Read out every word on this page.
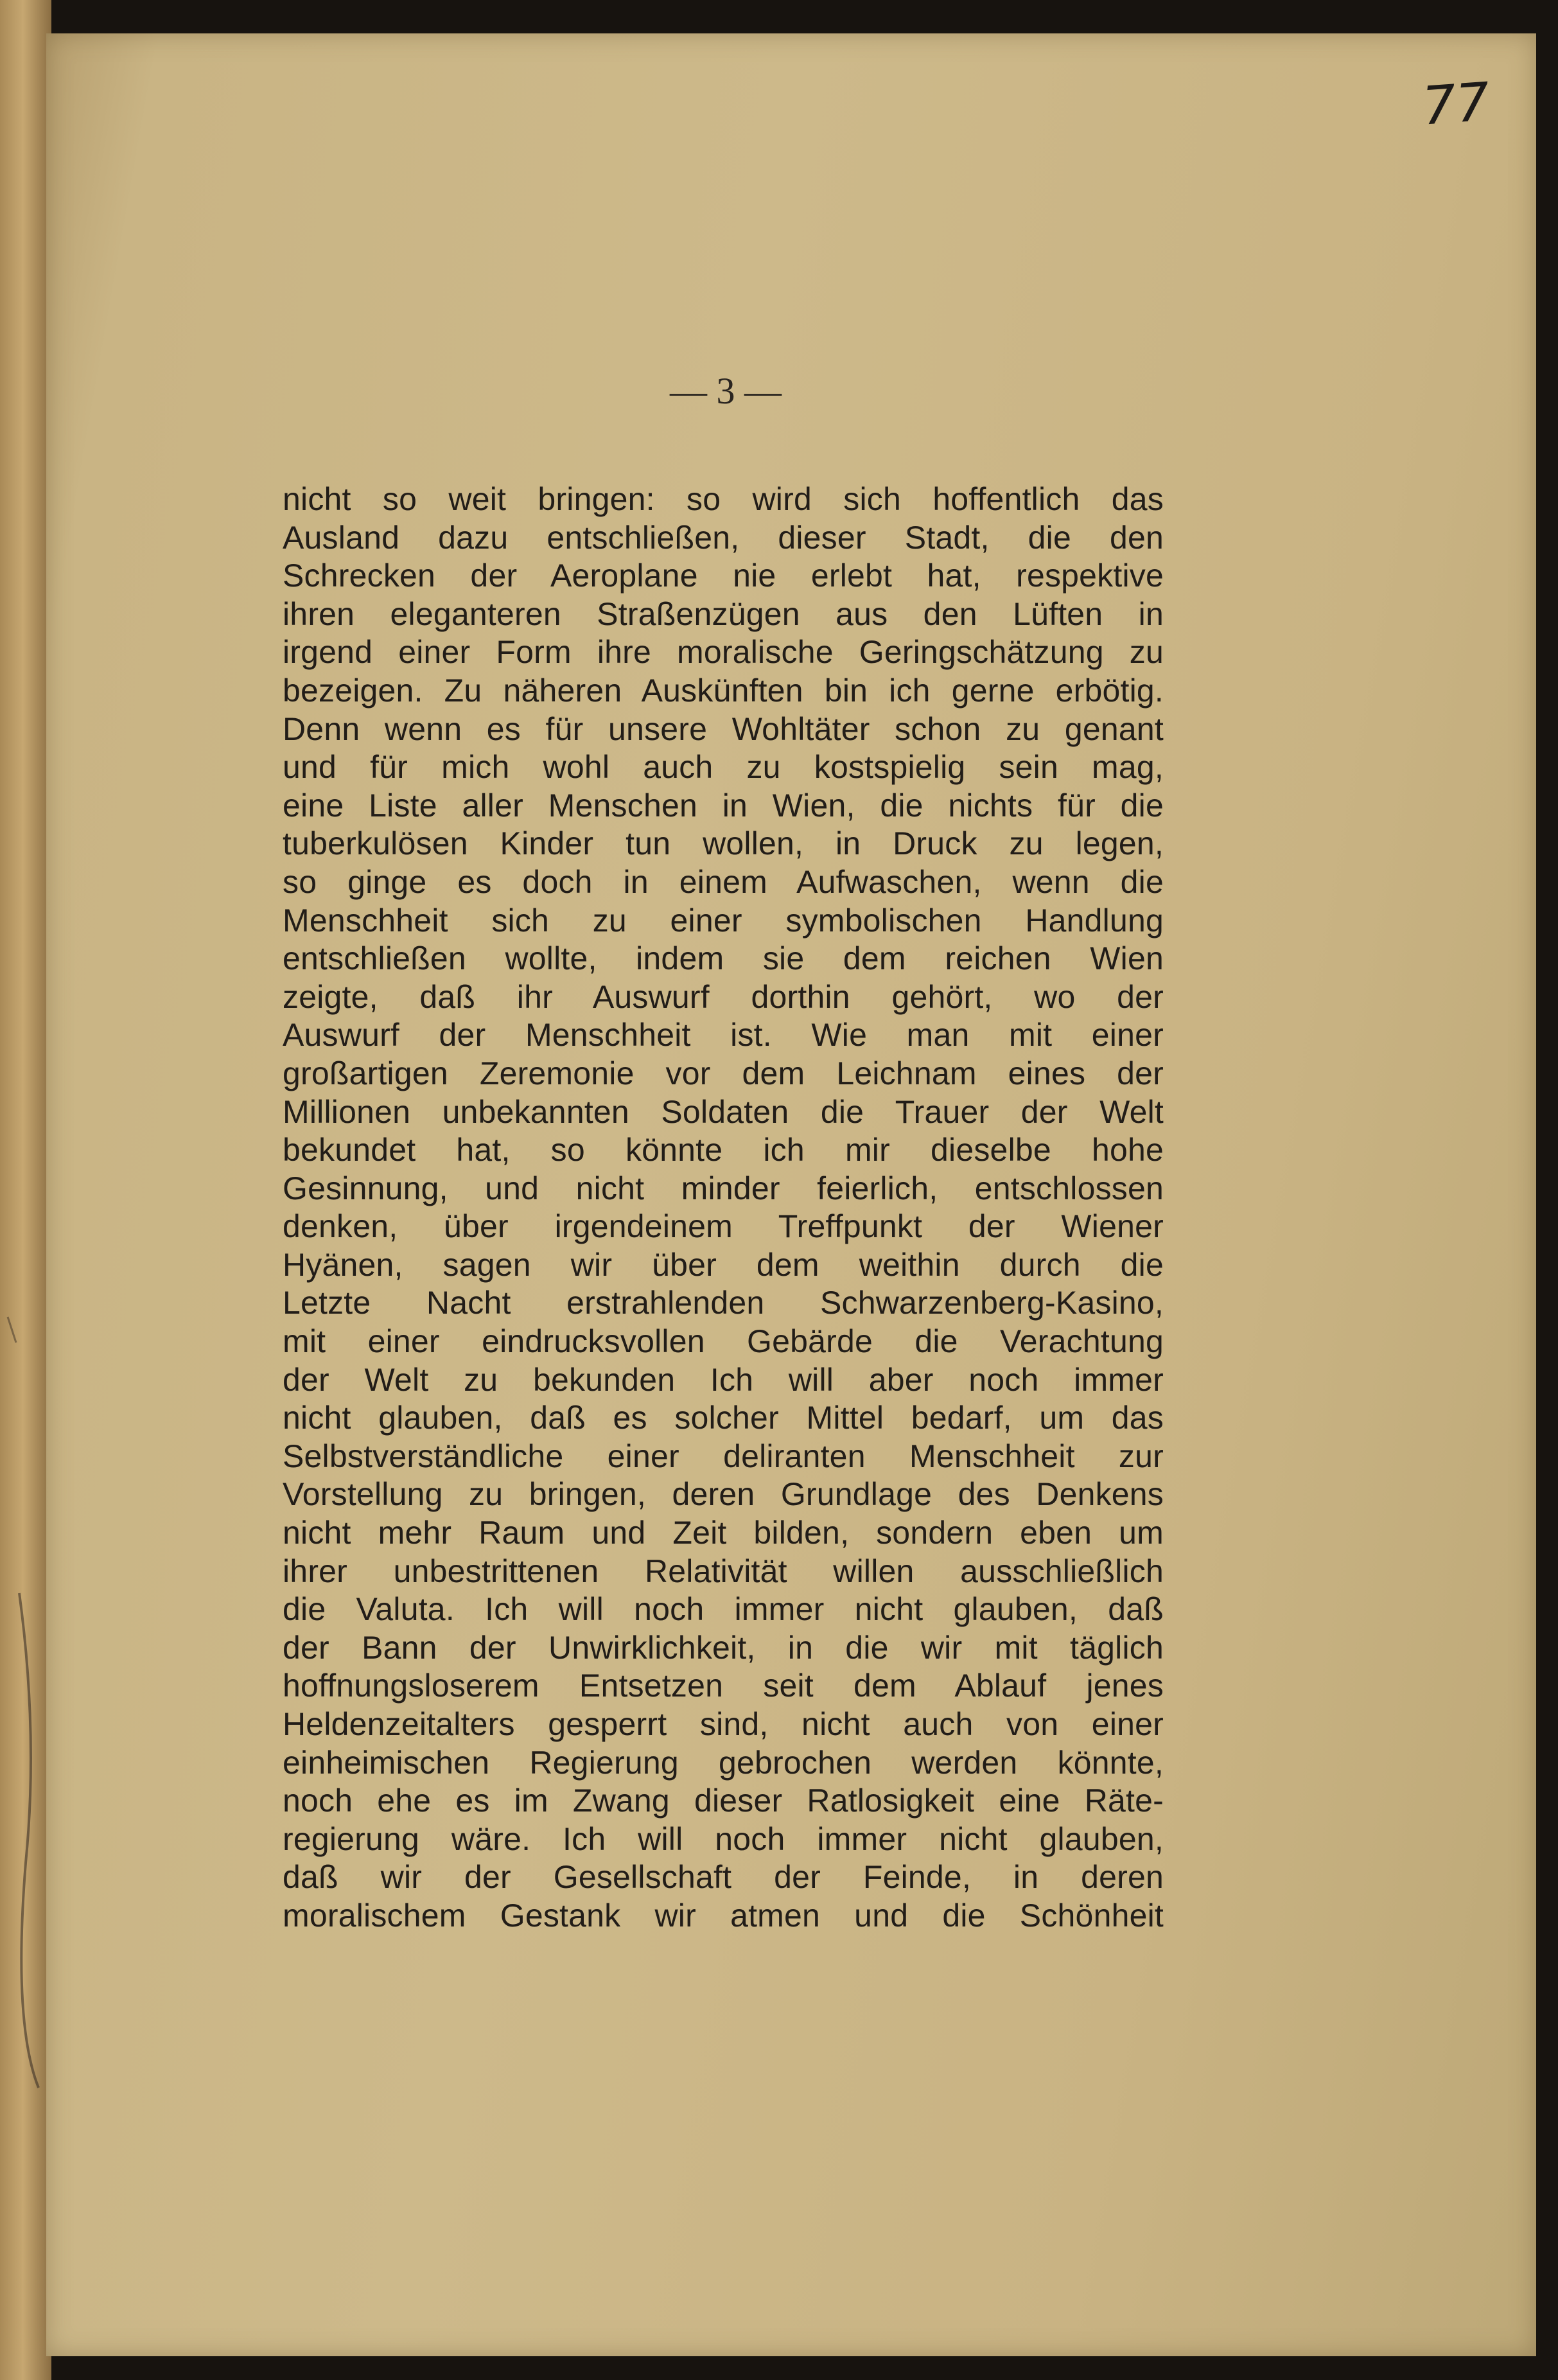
77
— 3 —
nicht so weit bringen: so wird sich hoffentlich das
Ausland dazu entschließen, dieser Stadt, die den
Schrecken der Aeroplane nie erlebt hat, respektive
ihren eleganteren Straßenzügen aus den Lüften in
irgend einer Form ihre moralische Geringschätzung zu
bezeigen. Zu näheren Auskünften bin ich gerne erbötig.
Denn wenn es für unsere Wohltäter schon zu genant
und für mich wohl auch zu kostspielig sein mag,
eine Liste aller Menschen in Wien, die nichts für die
tuberkulösen Kinder tun wollen, in Druck zu legen,
so ginge es doch in einem Aufwaschen, wenn die
Menschheit sich zu einer symbolischen Handlung
entschließen wollte, indem sie dem reichen Wien
zeigte, daß ihr Auswurf dorthin gehört, wo der
Auswurf der Menschheit ist. Wie man mit einer
großartigen Zeremonie vor dem Leichnam eines der
Millionen unbekannten Soldaten die Trauer der Welt
bekundet hat, so könnte ich mir dieselbe hohe
Gesinnung, und nicht minder feierlich, entschlossen
denken, über irgendeinem Treffpunkt der Wiener
Hyänen, sagen wir über dem weithin durch die
Letzte Nacht erstrahlenden Schwarzenberg-Kasino,
mit einer eindrucksvollen Gebärde die Verachtung
der Welt zu bekunden Ich will aber noch immer
nicht glauben, daß es solcher Mittel bedarf, um das
Selbstverständliche einer deliranten Menschheit zur
Vorstellung zu bringen, deren Grundlage des Denkens
nicht mehr Raum und Zeit bilden, sondern eben um
ihrer unbestrittenen Relativität willen ausschließlich
die Valuta. Ich will noch immer nicht glauben, daß
der Bann der Unwirklichkeit, in die wir mit täglich
hoffnungsloserem Entsetzen seit dem Ablauf jenes
Heldenzeitalters gesperrt sind, nicht auch von einer
einheimischen Regierung gebrochen werden könnte,
noch ehe es im Zwang dieser Ratlosigkeit eine Räte-
regierung wäre. Ich will noch immer nicht glauben,
daß wir der Gesellschaft der Feinde, in deren
moralischem Gestank wir atmen und die Schönheit
